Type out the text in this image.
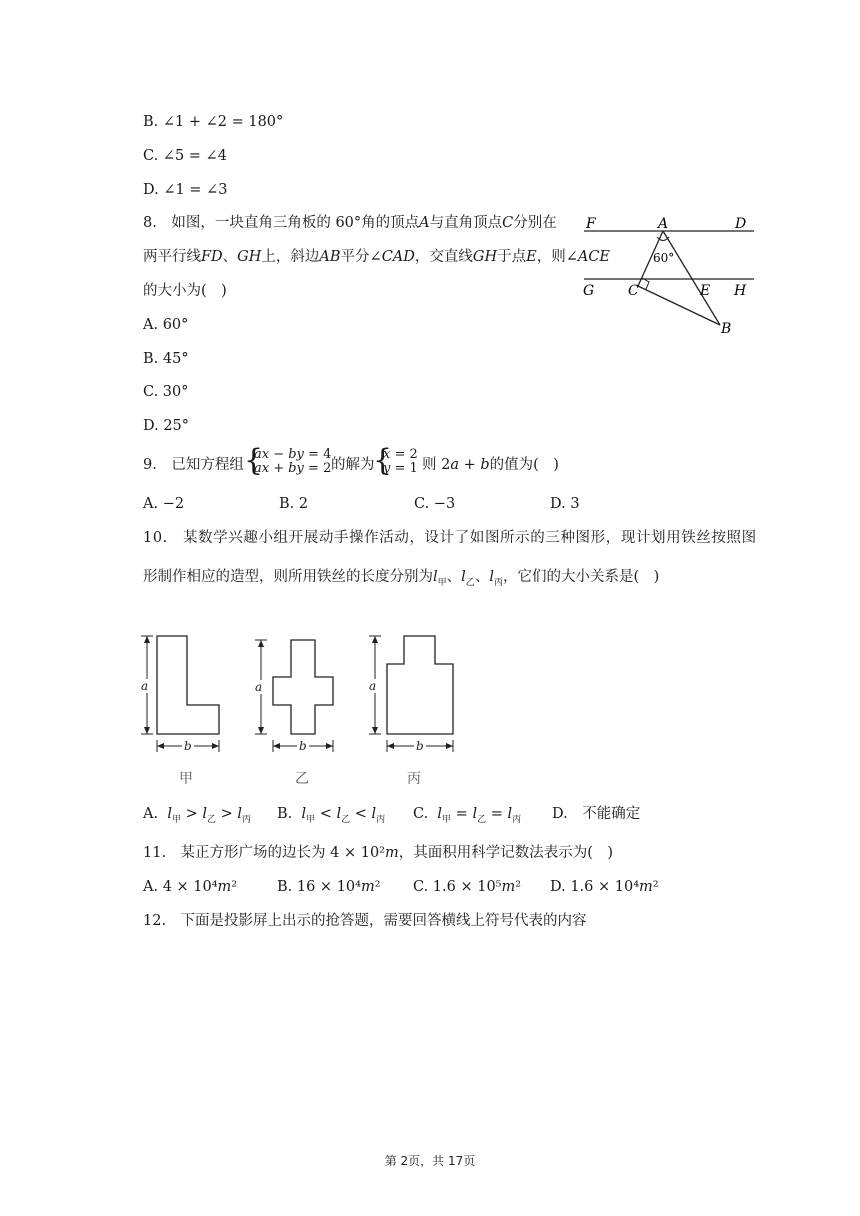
B. ∠1 + ∠2 = 180°
C. ∠5 = ∠4
D. ∠1 = ∠3
8.　如图，一块直角三角板的 60°角的顶点𝐴与直角顶点𝐶分别在
两平行线𝐹𝐷、𝐺𝐻上，斜边𝐴𝐵平分∠𝐶𝐴𝐷，交直线𝐺𝐻于点𝐸，则∠𝐴𝐶𝐸
的大小为(　)
A. 60°
B. 45°
C. 30°
D. 25°
F	A	D
G C	E H
B
60°
9.　已知方程组 {
𝑎𝑥 − 𝑏𝑦 = 4
𝑎𝑥 + 𝑏𝑦 = 2 的解为
{
𝑥 = 2
𝑦 = 1 则 2𝑎 + 𝑏的值为(　)
A. −2	B. 2	C. −3	D. 3
10.　某数学兴趣小组开展动手操作活动，设计了如图所示的三种图形，现计划用铁丝按照图
形制作相应的造型，则所用铁丝的长度分别为𝑙$_甲$、𝑙$_乙$、𝑙$_丙$，它们的大小关系是(　)
a	a	a
b	b	b
甲	乙	丙
A. 𝑙$_甲$ > 𝑙$_乙$ > 𝑙$_丙$ B. 𝑙$_甲$ < 𝑙$_乙$ < 𝑙$_丙$ C. 𝑙$_甲$ = 𝑙$_乙$ = 𝑙$_丙$ D.　不能确定
11.　某正方形广场的边长为 4 × 10²𝑚，其面积用科学记数法表示为(　)
A. 4 × 10⁴𝑚²	B. 16 × 10⁴𝑚² C. 1.6 × 10⁵𝑚² D. 1.6 × 10⁴𝑚²
12.　下面是投影屏上出示的抢答题，需要回答横线上符号代表的内容
第 2页，共 17页
